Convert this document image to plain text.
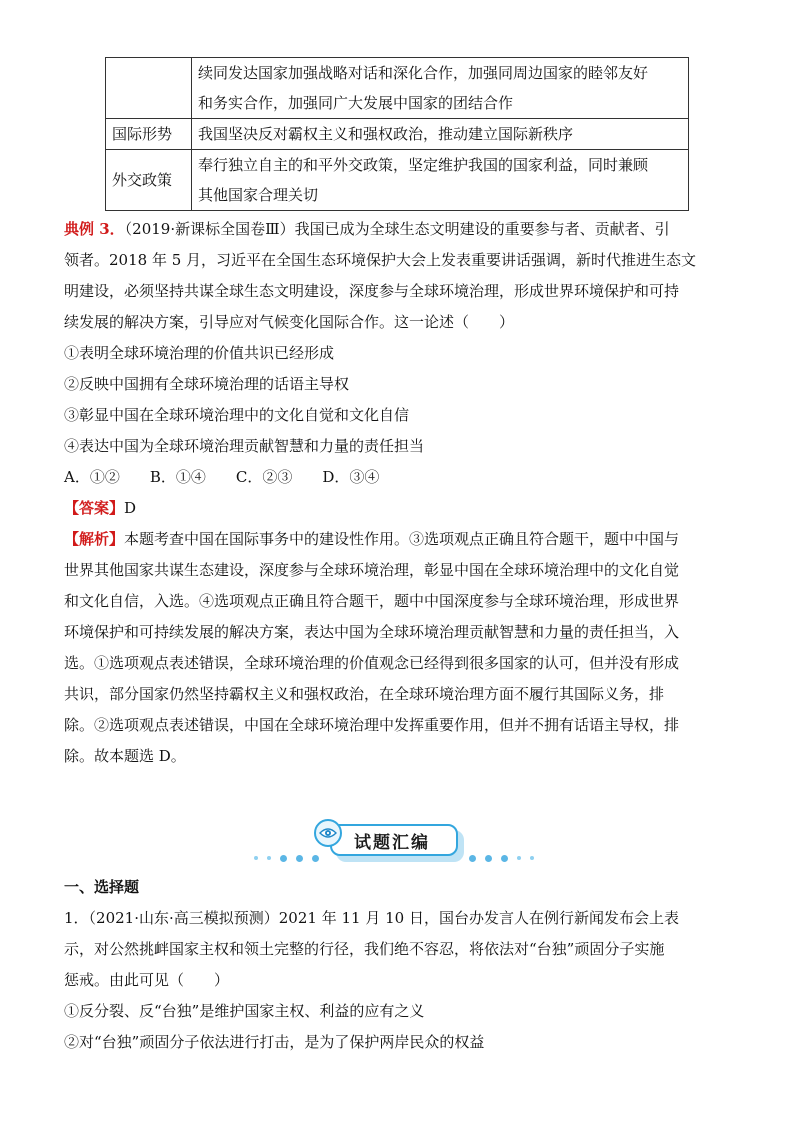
	续同发达国家加强战略对话和深化合作，加强同周边国家的睦邻友好
和务实合作，加强同广大发展中国家的团结合作

国际形势	我国坚决反对霸权主义和强权政治，推动建立国际新秩序

外交政策	奉行独立自主的和平外交政策，坚定维护我国的国家利益，同时兼顾
其他国家合理关切
典例 3．（2019·新课标全国卷Ⅲ）我国已成为全球生态文明建设的重要参与者、贡献者、引
领者。2018 年 5 月，习近平在全国生态环境保护大会上发表重要讲话强调，新时代推进生态文
明建设，必须坚持共谋全球生态文明建设，深度参与全球环境治理，形成世界环境保护和可持
续发展的解决方案，引导应对气候变化国际合作。这一论述（　　）
①表明全球环境治理的价值共识已经形成
②反映中国拥有全球环境治理的话语主导权
③彰显中国在全球环境治理中的文化自觉和文化自信
④表达中国为全球环境治理贡献智慧和力量的责任担当
A．①②　　B．①④　　C．②③　　D．③④
【答案】D
【解析】本题考查中国在国际事务中的建设性作用。③选项观点正确且符合题干，题中中国与
世界其他国家共谋生态建设，深度参与全球环境治理，彰显中国在全球环境治理中的文化自觉
和文化自信，入选。④选项观点正确且符合题干，题中中国深度参与全球环境治理，形成世界
环境保护和可持续发展的解决方案，表达中国为全球环境治理贡献智慧和力量的责任担当，入
选。①选项观点表述错误，全球环境治理的价值观念已经得到很多国家的认可，但并没有形成
共识，部分国家仍然坚持霸权主义和强权政治，在全球环境治理方面不履行其国际义务，排
除。②选项观点表述错误，中国在全球环境治理中发挥重要作用，但并不拥有话语主导权，排
除。故本题选 D。
试题汇编
一、选择题
1．（2021·山东·高三模拟预测）2021 年 11 月 10 日，国台办发言人在例行新闻发布会上表
示，对公然挑衅国家主权和领土完整的行径，我们绝不容忍，将依法对“台独”顽固分子实施
惩戒。由此可见（　　）
①反分裂、反“台独”是维护国家主权、利益的应有之义
②对“台独”顽固分子依法进行打击，是为了保护两岸民众的权益
